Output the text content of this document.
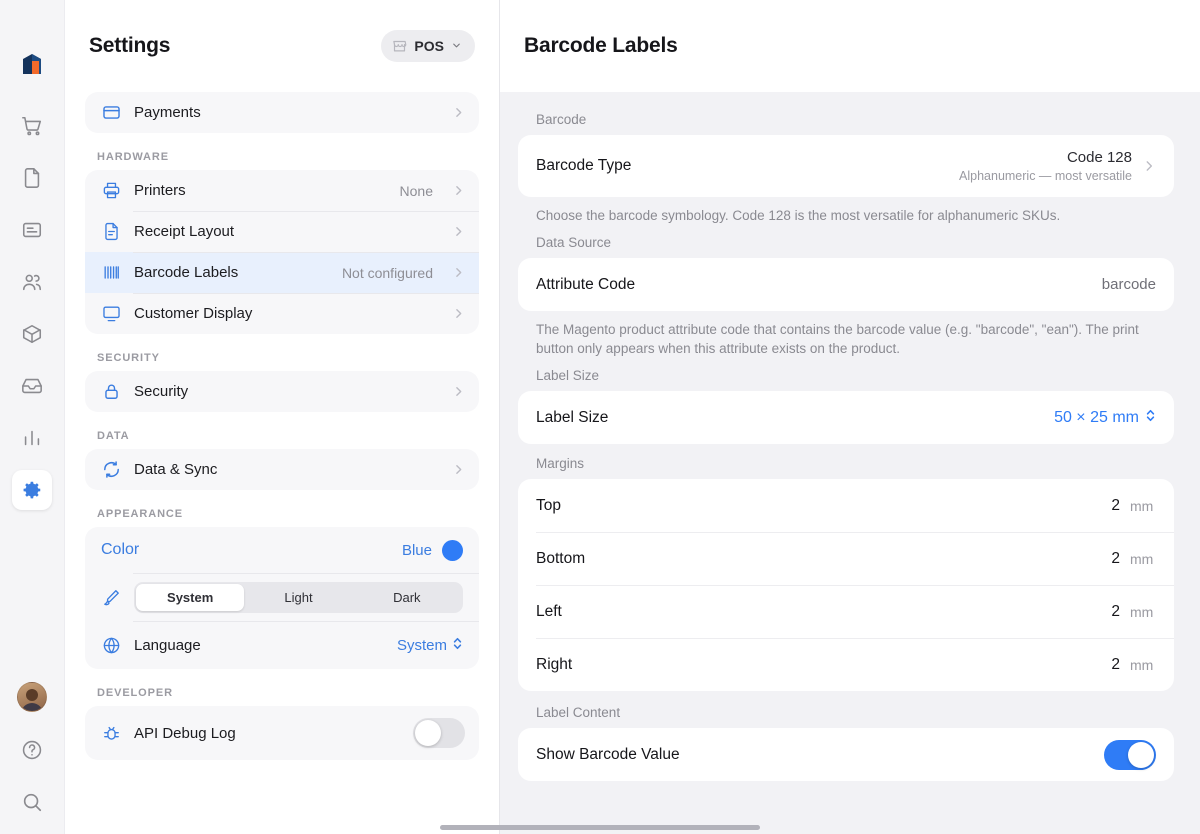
Settings	POS
Payments
HARDWARE
Printers	None
Receipt Layout
Barcode Labels	Not configured
Customer Display
SECURITY
Security
DATA
Data & Sync
APPEARANCE
Color	Blue
System	Light	Dark
Language	System
DEVELOPER
API Debug Log
Barcode Labels
Barcode
Barcode Type	Code 128
Alphanumeric — most versatile
Choose the barcode symbology. Code 128 is the most versatile for alphanumeric SKUs.
Data Source
Attribute Code	barcode
The Magento product attribute code that contains the barcode value (e.g. "barcode", "ean"). The print button only appears when this attribute exists on the product.
Label Size
Label Size	50 × 25 mm
Margins
Top	2 mm
Bottom	2 mm
Left	2 mm
Right	2 mm
Label Content
Show Barcode Value
